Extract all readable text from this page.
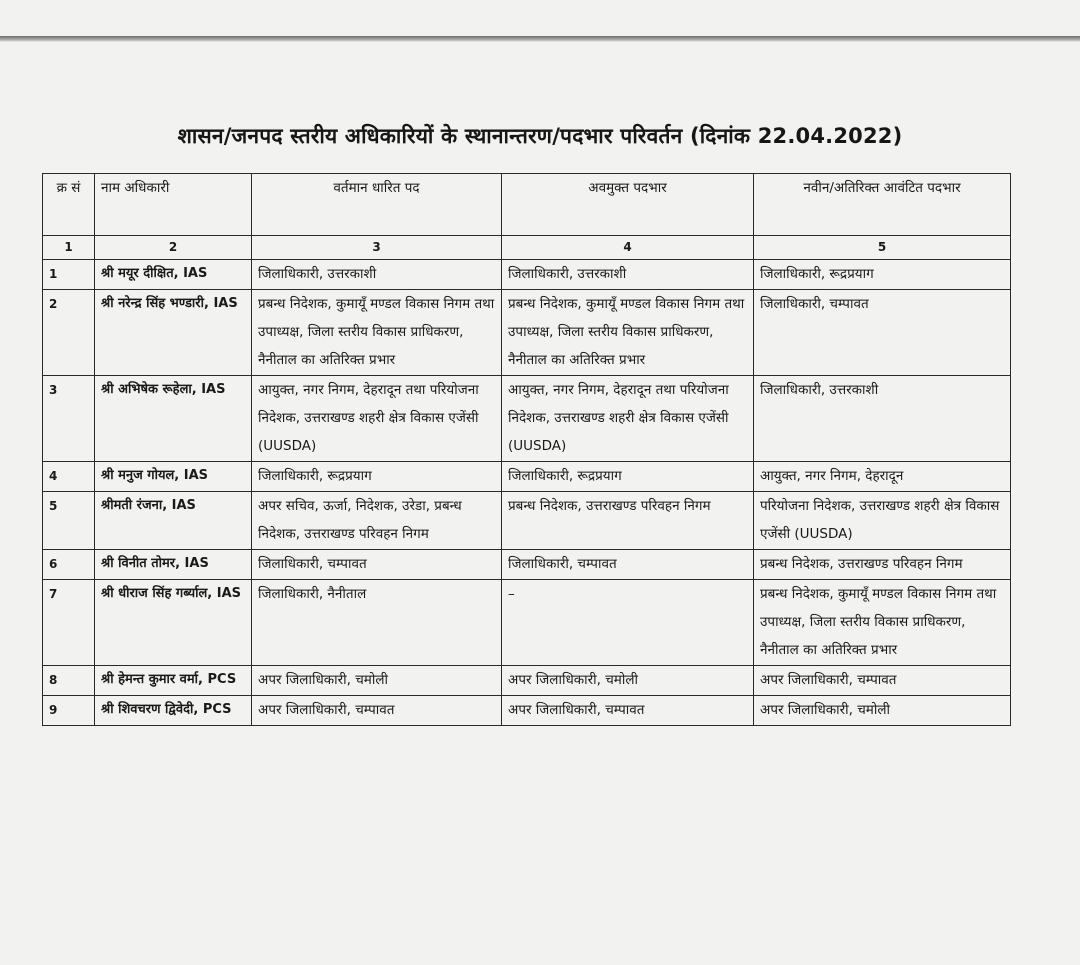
शासन/जनपद स्तरीय अधिकारियों के स्थानान्तरण/पदभार परिवर्तन (दिनांक 22.04.2022)
क्र सं	नाम अधिकारी	वर्तमान धारित पद	अवमुक्त पदभार	नवीन/अतिरिक्त आवंटित पदभार
1	2	3	4	5
1	श्री मयूर दीक्षित, IAS	जिलाधिकारी, उत्तरकाशी	जिलाधिकारी, उत्तरकाशी	जिलाधिकारी, रूद्रप्रयाग
2	श्री नरेन्द्र सिंह भण्डारी, IAS	प्रबन्ध निदेशक, कुमायूँ मण्डल विकास निगम तथा उपाध्यक्ष, जिला स्तरीय विकास प्राधिकरण, नैनीताल का अतिरिक्त प्रभार	प्रबन्ध निदेशक, कुमायूँ मण्डल विकास निगम तथा उपाध्यक्ष, जिला स्तरीय विकास प्राधिकरण, नैनीताल का अतिरिक्त प्रभार	जिलाधिकारी, चम्पावत
3	श्री अभिषेक रूहेला, IAS	आयुक्त, नगर निगम, देहरादून तथा परियोजना निदेशक, उत्तराखण्ड शहरी क्षेत्र विकास एजेंसी (UUSDA)	आयुक्त, नगर निगम, देहरादून तथा परियोजना निदेशक, उत्तराखण्ड शहरी क्षेत्र विकास एजेंसी (UUSDA)	जिलाधिकारी, उत्तरकाशी
4	श्री मनुज गोयल, IAS	जिलाधिकारी, रूद्रप्रयाग	जिलाधिकारी, रूद्रप्रयाग	आयुक्त, नगर निगम, देहरादून
5	श्रीमती रंजना, IAS	अपर सचिव, ऊर्जा, निदेशक, उरेडा, प्रबन्ध निदेशक, उत्तराखण्ड परिवहन निगम	प्रबन्ध निदेशक, उत्तराखण्ड परिवहन निगम	परियोजना निदेशक, उत्तराखण्ड शहरी क्षेत्र विकास एजेंसी (UUSDA)
6	श्री विनीत तोमर, IAS	जिलाधिकारी, चम्पावत	जिलाधिकारी, चम्पावत	प्रबन्ध निदेशक, उत्तराखण्ड परिवहन निगम
7	श्री धीराज सिंह गर्ब्याल, IAS	जिलाधिकारी, नैनीताल	–	प्रबन्ध निदेशक, कुमायूँ मण्डल विकास निगम तथा उपाध्यक्ष, जिला स्तरीय विकास प्राधिकरण, नैनीताल का अतिरिक्त प्रभार
8	श्री हेमन्त कुमार वर्मा, PCS	अपर जिलाधिकारी, चमोली	अपर जिलाधिकारी, चमोली	अपर जिलाधिकारी, चम्पावत
9	श्री शिवचरण द्विवेदी, PCS	अपर जिलाधिकारी, चम्पावत	अपर जिलाधिकारी, चम्पावत	अपर जिलाधिकारी, चमोली
